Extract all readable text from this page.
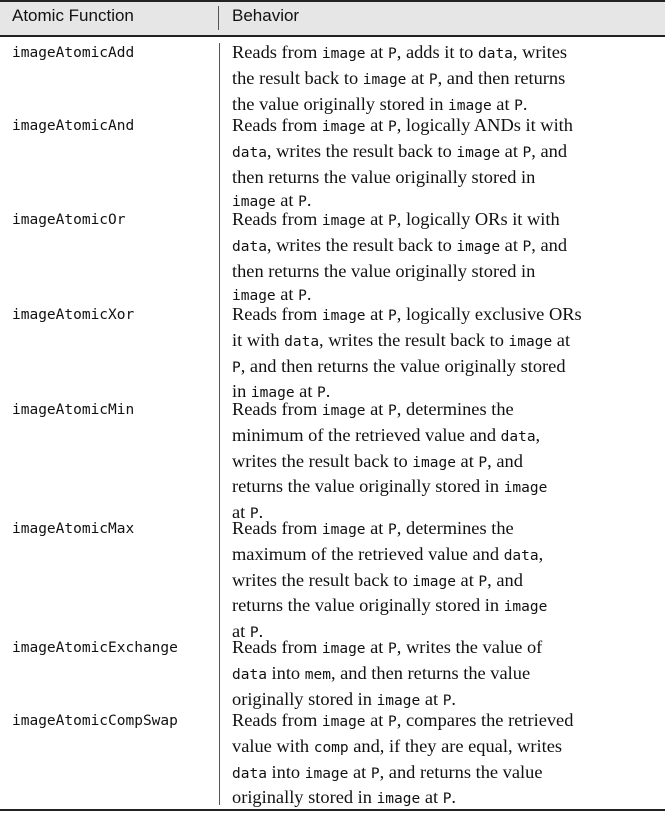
Atomic Function	Behavior
imageAtomicAdd	Reads from image at P, adds it to data, writes
the result back to image at P, and then returns
the value originally stored in image at P.
imageAtomicAnd	Reads from image at P, logically ANDs it with
data, writes the result back to image at P, and
then returns the value originally stored in
image at P.
imageAtomicOr	Reads from image at P, logically ORs it with
data, writes the result back to image at P, and
then returns the value originally stored in
image at P.
imageAtomicXor	Reads from image at P, logically exclusive ORs
it with data, writes the result back to image at
P, and then returns the value originally stored
in image at P.
imageAtomicMin	Reads from image at P, determines the
minimum of the retrieved value and data,
writes the result back to image at P, and
returns the value originally stored in image
at P.
imageAtomicMax	Reads from image at P, determines the
maximum of the retrieved value and data,
writes the result back to image at P, and
returns the value originally stored in image
at P.
imageAtomicExchange	Reads from image at P, writes the value of
data into mem, and then returns the value
originally stored in image at P.
imageAtomicCompSwap	Reads from image at P, compares the retrieved
value with comp and, if they are equal, writes
data into image at P, and returns the value
originally stored in image at P.
